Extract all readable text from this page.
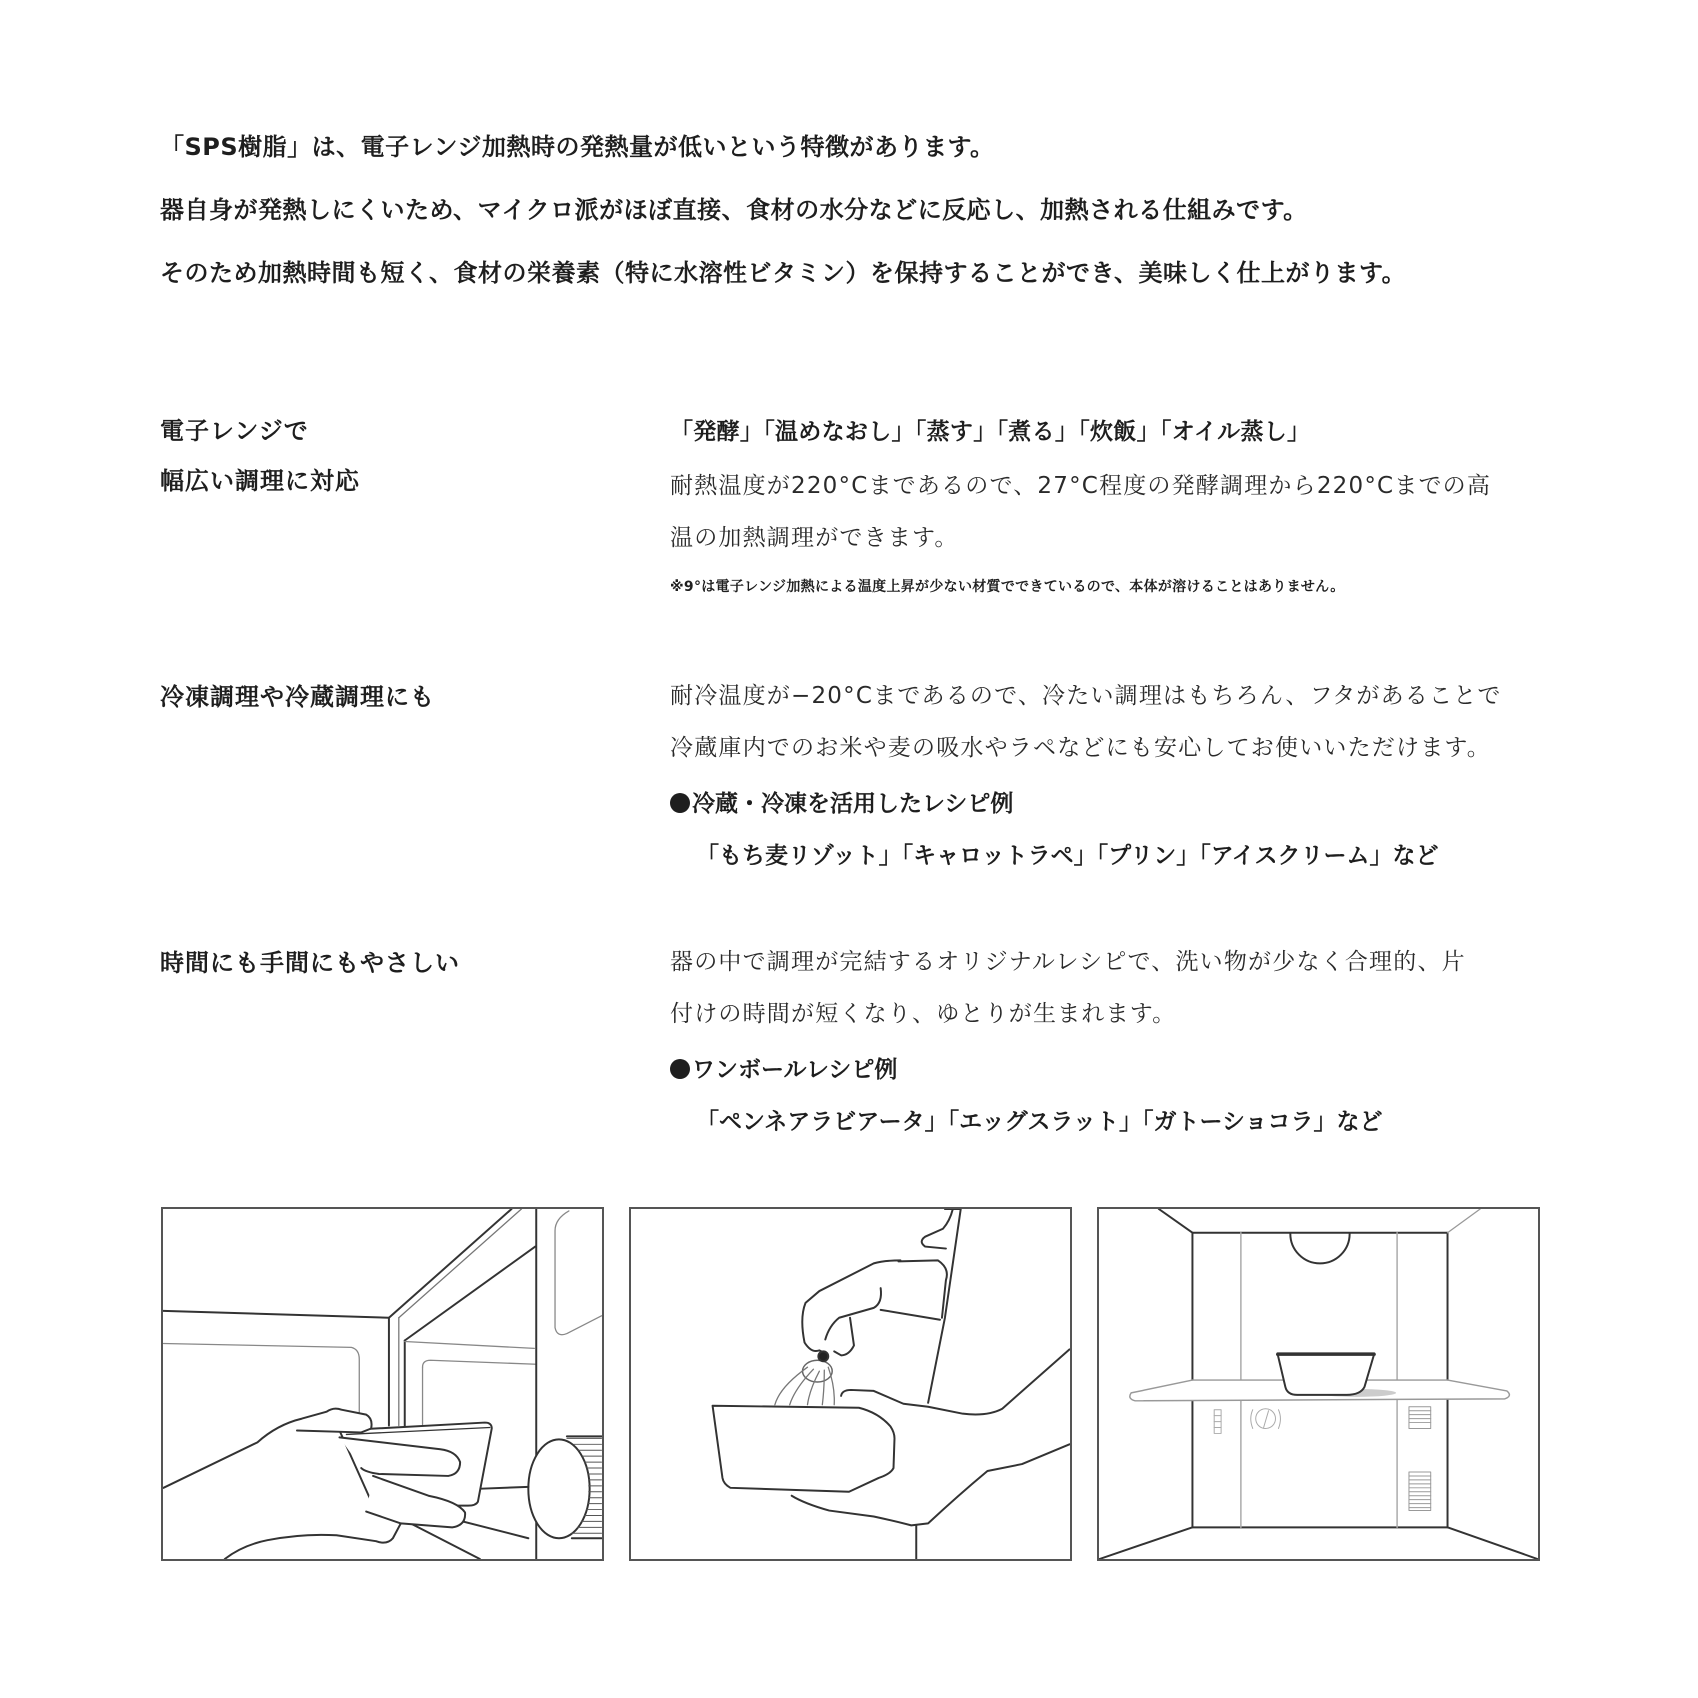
「SPS樹脂」は、電子レンジ加熱時の発熱量が低いという特徴があります。

器自身が発熱しにくいため、マイクロ派がほぼ直接、食材の水分などに反応し、加熱される仕組みです。

そのため加熱時間も短く、食材の栄養素（特に水溶性ビタミン）を保持することができ、美味しく仕上がります。

電子レンジで
幅広い調理に対応
「発酵」「温めなおし」「蒸す」「煮る」「炊飯」「オイル蒸し」
耐熱温度が220°Cまであるので、27°C程度の発酵調理から220°Cまでの高
温の加熱調理ができます。
※9°は電子レンジ加熱による温度上昇が少ない材質でできているので、本体が溶けることはありません。
冷凍調理や冷蔵調理にも	耐冷温度が−20°Cまであるので、冷たい調理はもちろん、フタがあることで
冷蔵庫内でのお米や麦の吸水やラペなどにも安心してお使いいただけます。
冷蔵・冷凍を活用したレシピ例
「もち麦リゾット」「キャロットラペ」「プリン」「アイスクリーム」など
時間にも手間にもやさしい	器の中で調理が完結するオリジナルレシピで、洗い物が少なく合理的、片
付けの時間が短くなり、ゆとりが生まれます。
ワンボールレシピ例
「ペンネアラビアータ」「エッグスラット」「ガトーショコラ」など
